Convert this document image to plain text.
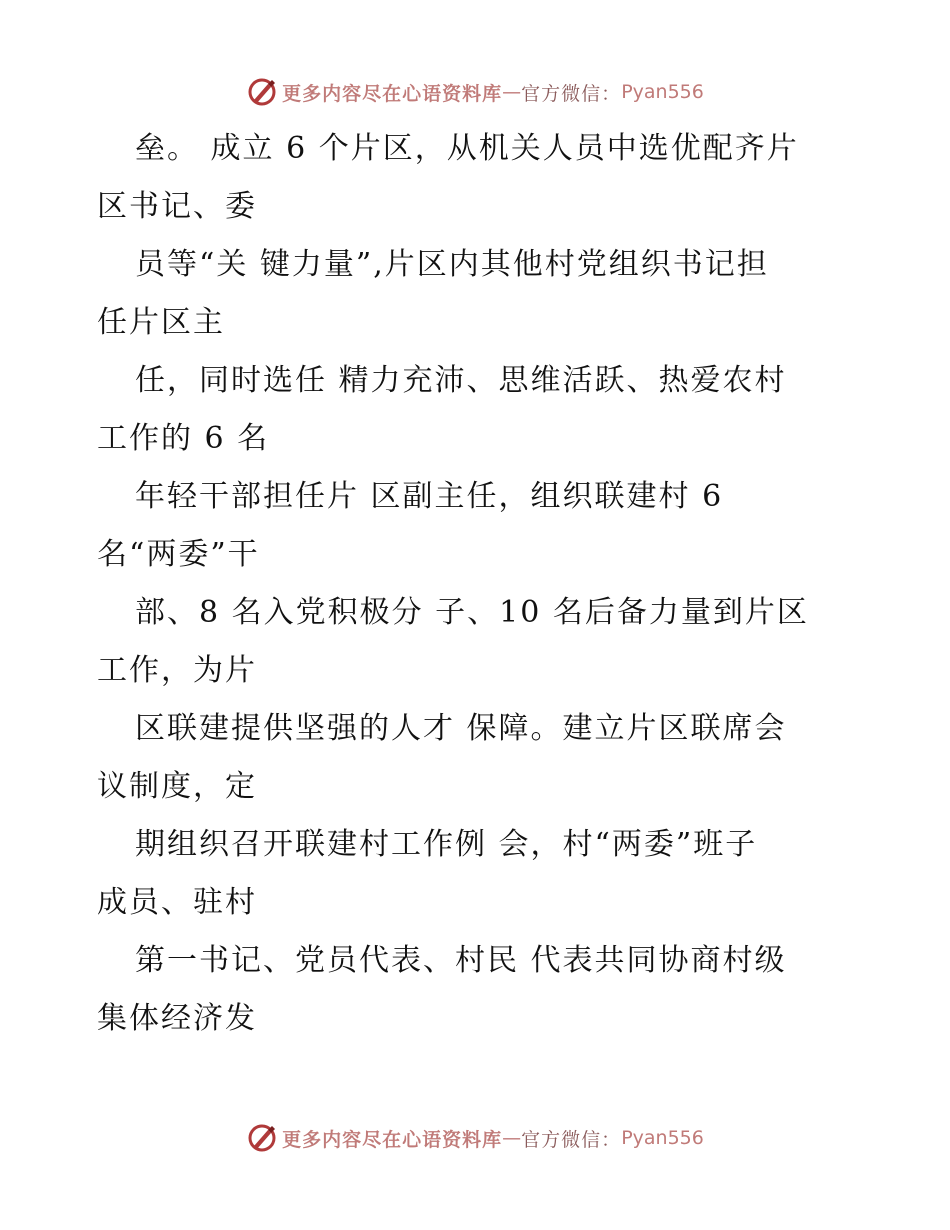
更多内容尽在心语资料库 — 官方微信： Pyan556
垒。 成立 6 个片区，从机关人员中选优配齐片
区书记、委
员等“关 键力量”,片区内其他村党组织书记担
任片区主
任，同时选任 精力充沛、思维活跃、热爱农村
工作的 6 名
年轻干部担任片 区副主任，组织联建村 6
名“两委”干
部、8 名入党积极分 子、10 名后备力量到片区
工作，为片
区联建提供坚强的人才 保障。建立片区联席会
议制度，定
期组织召开联建村工作例 会，村“两委”班子
成员、驻村
第一书记、党员代表、村民 代表共同协商村级
集体经济发
更多内容尽在心语资料库 — 官方微信： Pyan556
